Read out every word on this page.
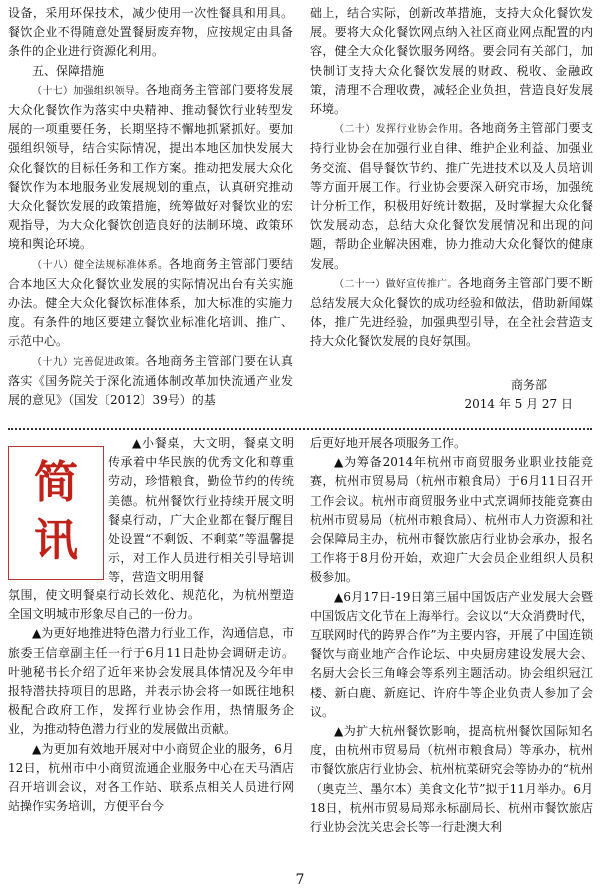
设备，采用环保技术，减少使用一次性餐具和用具。餐饮企业不得随意处置餐厨废弃物，应按规定由具备条件的企业进行资源化利用。

五、保障措施

（十七）加强组织领导。各地商务主管部门要将发展大众化餐饮作为落实中央精神、推动餐饮行业转型发展的一项重要任务，长期坚持不懈地抓紧抓好。要加强组织领导，结合实际情况，提出本地区加快发展大众化餐饮的目标任务和工作方案。推动把发展大众化餐饮作为本地服务业发展规划的重点，认真研究推动大众化餐饮发展的政策措施，统筹做好对餐饮业的宏观指导，为大众化餐饮创造良好的法制环境、政策环境和舆论环境。

（十八）健全法规标准体系。各地商务主管部门要结合本地区大众化餐饮业发展的实际情况出台有关实施办法。健全大众化餐饮标准体系，加大标准的实施力度。有条件的地区要建立餐饮业标准化培训、推广、示范中心。

（十九）完善促进政策。各地商务主管部门要在认真落实《国务院关于深化流通体制改革加快流通产业发展的意见》（国发〔2012〕39号）的基

础上，结合实际，创新改革措施，支持大众化餐饮发展。要将大众化餐饮网点纳入社区商业网点配置的内容，健全大众化餐饮服务网络。要会同有关部门，加快制订支持大众化餐饮发展的财政、税收、金融政策，清理不合理收费，减轻企业负担，营造良好发展环境。

（二十）发挥行业协会作用。各地商务主管部门要支持行业协会在加强行业自律、维护企业利益、加强业务交流、倡导餐饮节约、推广先进技术以及人员培训等方面开展工作。行业协会要深入研究市场，加强统计分析工作，积极用好统计数据，及时掌握大众化餐饮发展动态，总结大众化餐饮发展情况和出现的问题，帮助企业解决困难，协力推动大众化餐饮的健康发展。

（二十一）做好宣传推广。各地商务主管部门要不断总结发展大众化餐饮的成功经验和做法，借助新闻媒体，推广先进经验，加强典型引导，在全社会营造支持大众化餐饮发展的良好氛围。

商务部

2014 年 5 月 27 日

简
讯

▲小餐桌，大文明，餐桌文明传承着中华民族的优秀文化和尊重劳动，珍惜粮食，勤俭节约的传统美德。杭州餐饮行业持续开展文明餐桌行动，广大企业都在餐厅醒目处设置“不剩饭、不剩菜”等温馨提示，对工作人员进行相关引导培训等，营造文明用餐

氛围，使文明餐桌行动长效化、规范化，为杭州塑造全国文明城市形象尽自己的一份力。

▲为更好地推进特色潜力行业工作，沟通信息，市旅委王信章副主任一行于6月11日赴协会调研走访。叶驰秘书长介绍了近年来协会发展具体情况及今年申报特潜扶持项目的思路，并表示协会将一如既往地积极配合政府工作，发挥行业协会作用，热情服务企业，为推动特色潜力行业的发展做出贡献。

▲为更加有效地开展对中小商贸企业的服务，6月12日，杭州市中小商贸流通企业服务中心在天马酒店召开培训会议，对各工作站、联系点相关人员进行网站操作实务培训，方便平台今

后更好地开展各项服务工作。

▲为筹备2014年杭州市商贸服务业职业技能竞赛，杭州市贸易局（杭州市粮食局）于6月11日召开工作会议。杭州市商贸服务业中式烹调师技能竞赛由杭州市贸易局（杭州市粮食局）、杭州市人力资源和社会保障局主办，杭州市餐饮旅店行业协会承办，报名工作将于8月份开始，欢迎广大会员企业组织人员积极参加。

▲6月17日-19日第三届中国饭店产业发展大会暨中国饭店文化节在上海举行。会议以“大众消费时代，互联网时代的跨界合作”为主要内容，开展了中国连锁餐饮与商业地产合作论坛、中央厨房建设发展大会、名厨大会长三角峰会等系列主题活动。协会组织冠江楼、新白鹿、新庭记、许府牛等企业负责人参加了会议。

▲为扩大杭州餐饮影响，提高杭州餐饮国际知名度，由杭州市贸易局（杭州市粮食局）等承办，杭州市餐饮旅店行业协会、杭州杭菜研究会等协办的“杭州（奥克兰、墨尔本）美食文化节”拟于11月举办。6月18日，杭州市贸易局郑永标副局长、杭州市餐饮旅店行业协会沈关忠会长等一行赴澳大利

7
